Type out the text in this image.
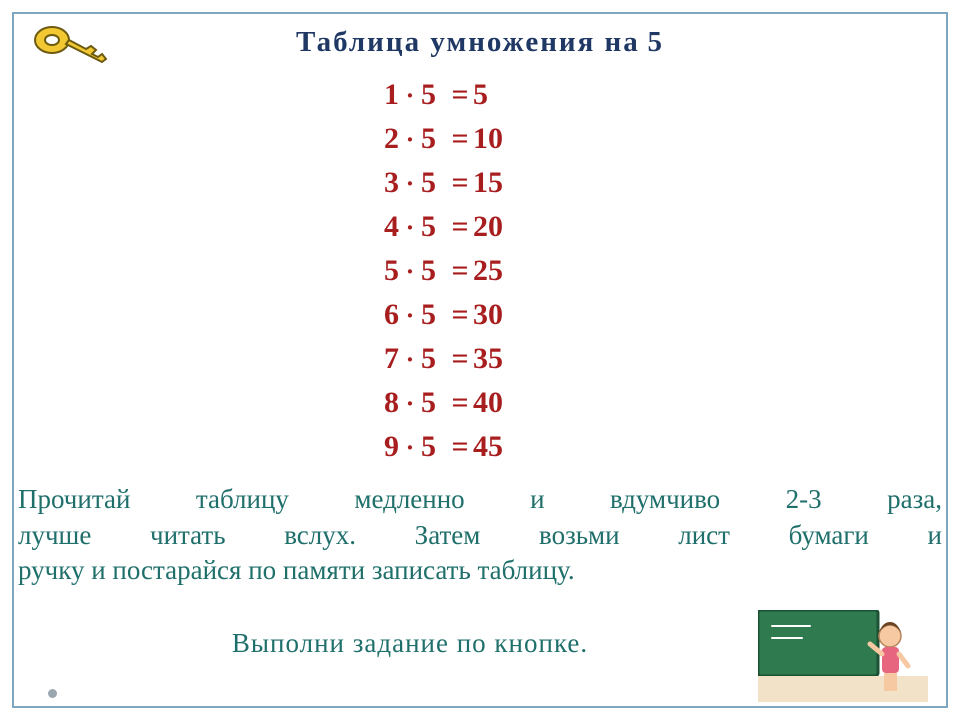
Таблица умножения на 5
1 · 5 = 5
2 · 5 = 10
3 · 5 = 15
4 · 5 = 20
5 · 5 = 25
6 · 5 = 30
7 · 5 = 35
8 · 5 = 40
9 · 5 = 45
Прочитай таблицу медленно и вдумчиво 2-3 раза,
лучше читать вслух. Затем возьми лист бумаги и
ручку и постарайся по памяти записать таблицу.
Выполни задание по кнопке.
